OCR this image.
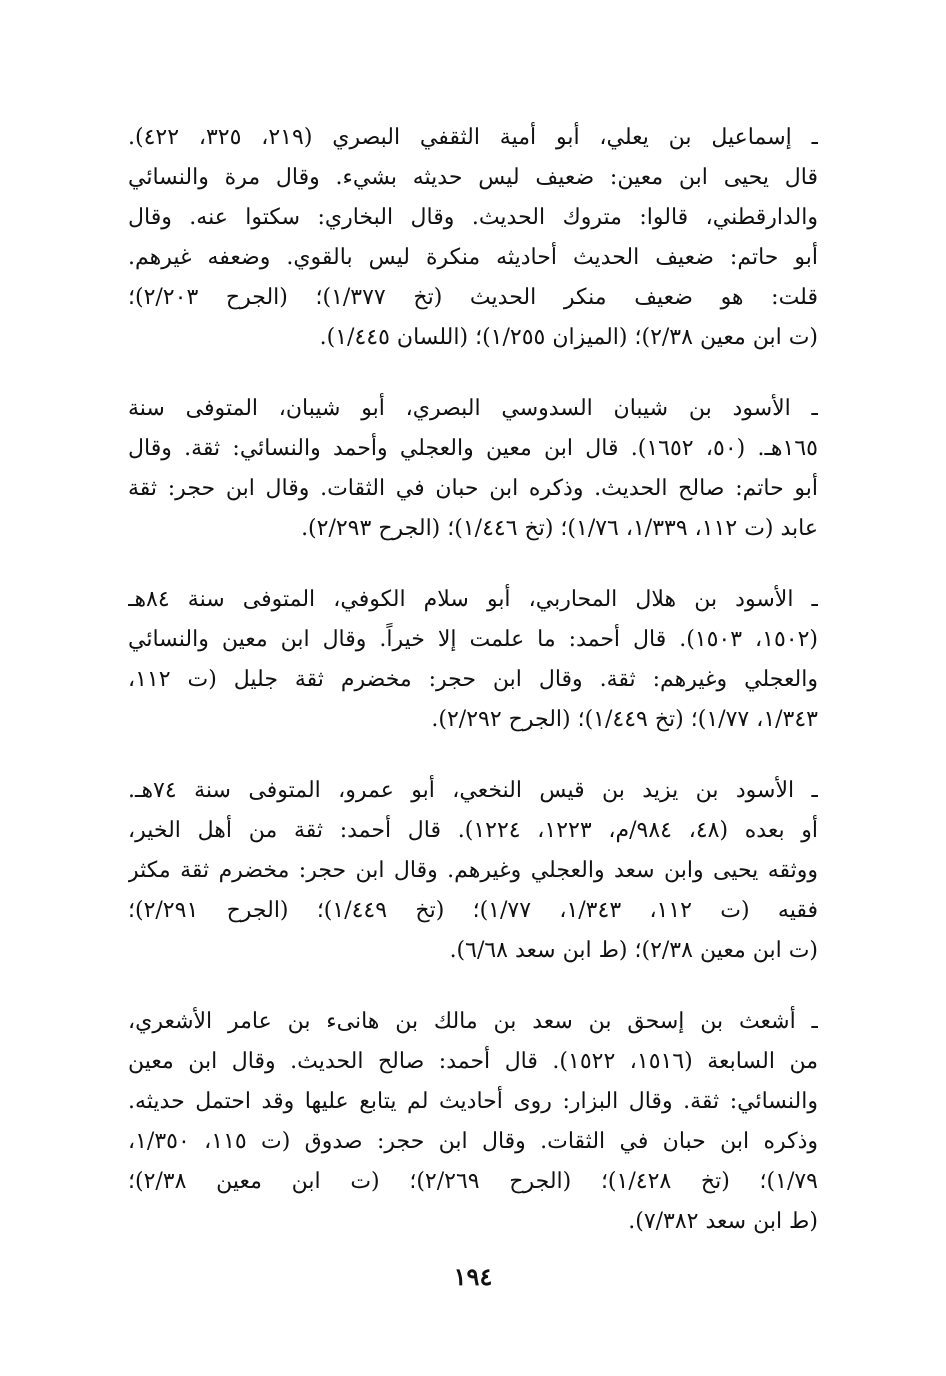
ـ إسماعيل بن يعلي، أبو أمية الثقفي البصري (٢١٩، ٣٢٥، ٤٢٢).
قال يحيى ابن معين: ضعيف ليس حديثه بشيء. وقال مرة والنسائي
والدارقطني، قالوا: متروك الحديث. وقال البخاري: سكتوا عنه. وقال
أبو حاتم: ضعيف الحديث أحاديثه منكرة ليس بالقوي. وضعفه غيرهم.
قلت: هو ضعيف منكر الحديث (تخ ١/٣٧٧)؛ (الجرح ٢/٢٠٣)؛
(ت ابن معين ٢/٣٨)؛ (الميزان ١/٢٥٥)؛ (اللسان ١/٤٤٥).
ـ الأسود بن شيبان السدوسي البصري، أبو شيبان، المتوفى سنة
١٦٥هـ. (٥٠، ١٦٥٢). قال ابن معين والعجلي وأحمد والنسائي: ثقة. وقال
أبو حاتم: صالح الحديث. وذكره ابن حبان في الثقات. وقال ابن حجر: ثقة
عابد (ت ١١٢، ١/٣٣٩، ١/٧٦)؛ (تخ ١/٤٤٦)؛ (الجرح ٢/٢٩٣).
ـ الأسود بن هلال المحاربي، أبو سلام الكوفي، المتوفى سنة ٨٤هـ
(١٥٠٢، ١٥٠٣). قال أحمد: ما علمت إلا خيراً. وقال ابن معين والنسائي
والعجلي وغيرهم: ثقة. وقال ابن حجر: مخضرم ثقة جليل (ت ١١٢،
١/٣٤٣، ١/٧٧)؛ (تخ ١/٤٤٩)؛ (الجرح ٢/٢٩٢).
ـ الأسود بن يزيد بن قيس النخعي، أبو عمرو، المتوفى سنة ٧٤هـ.
أو بعده (٤٨، ٩٨٤/م، ١٢٢٣، ١٢٢٤). قال أحمد: ثقة من أهل الخير،
ووثقه يحيى وابن سعد والعجلي وغيرهم. وقال ابن حجر: مخضرم ثقة مكثر
فقيه (ت ١١٢، ١/٣٤٣، ١/٧٧)؛ (تخ ١/٤٤٩)؛ (الجرح ٢/٢٩١)؛
(ت ابن معين ٢/٣٨)؛ (ط ابن سعد ٦/٦٨).
ـ أشعث بن إسحق بن سعد بن مالك بن هانىء بن عامر الأشعري،
من السابعة (١٥١٦، ١٥٢٢). قال أحمد: صالح الحديث. وقال ابن معين
والنسائي: ثقة. وقال البزار: روى أحاديث لم يتابع عليها وقد احتمل حديثه.
وذكره ابن حبان في الثقات. وقال ابن حجر: صدوق (ت ١١٥، ١/٣٥٠،
١/٧٩)؛ (تخ ١/٤٢٨)؛ (الجرح ٢/٢٦٩)؛ (ت ابن معين ٢/٣٨)؛
(ط ابن سعد ٧/٣٨٢).
١٩٤
